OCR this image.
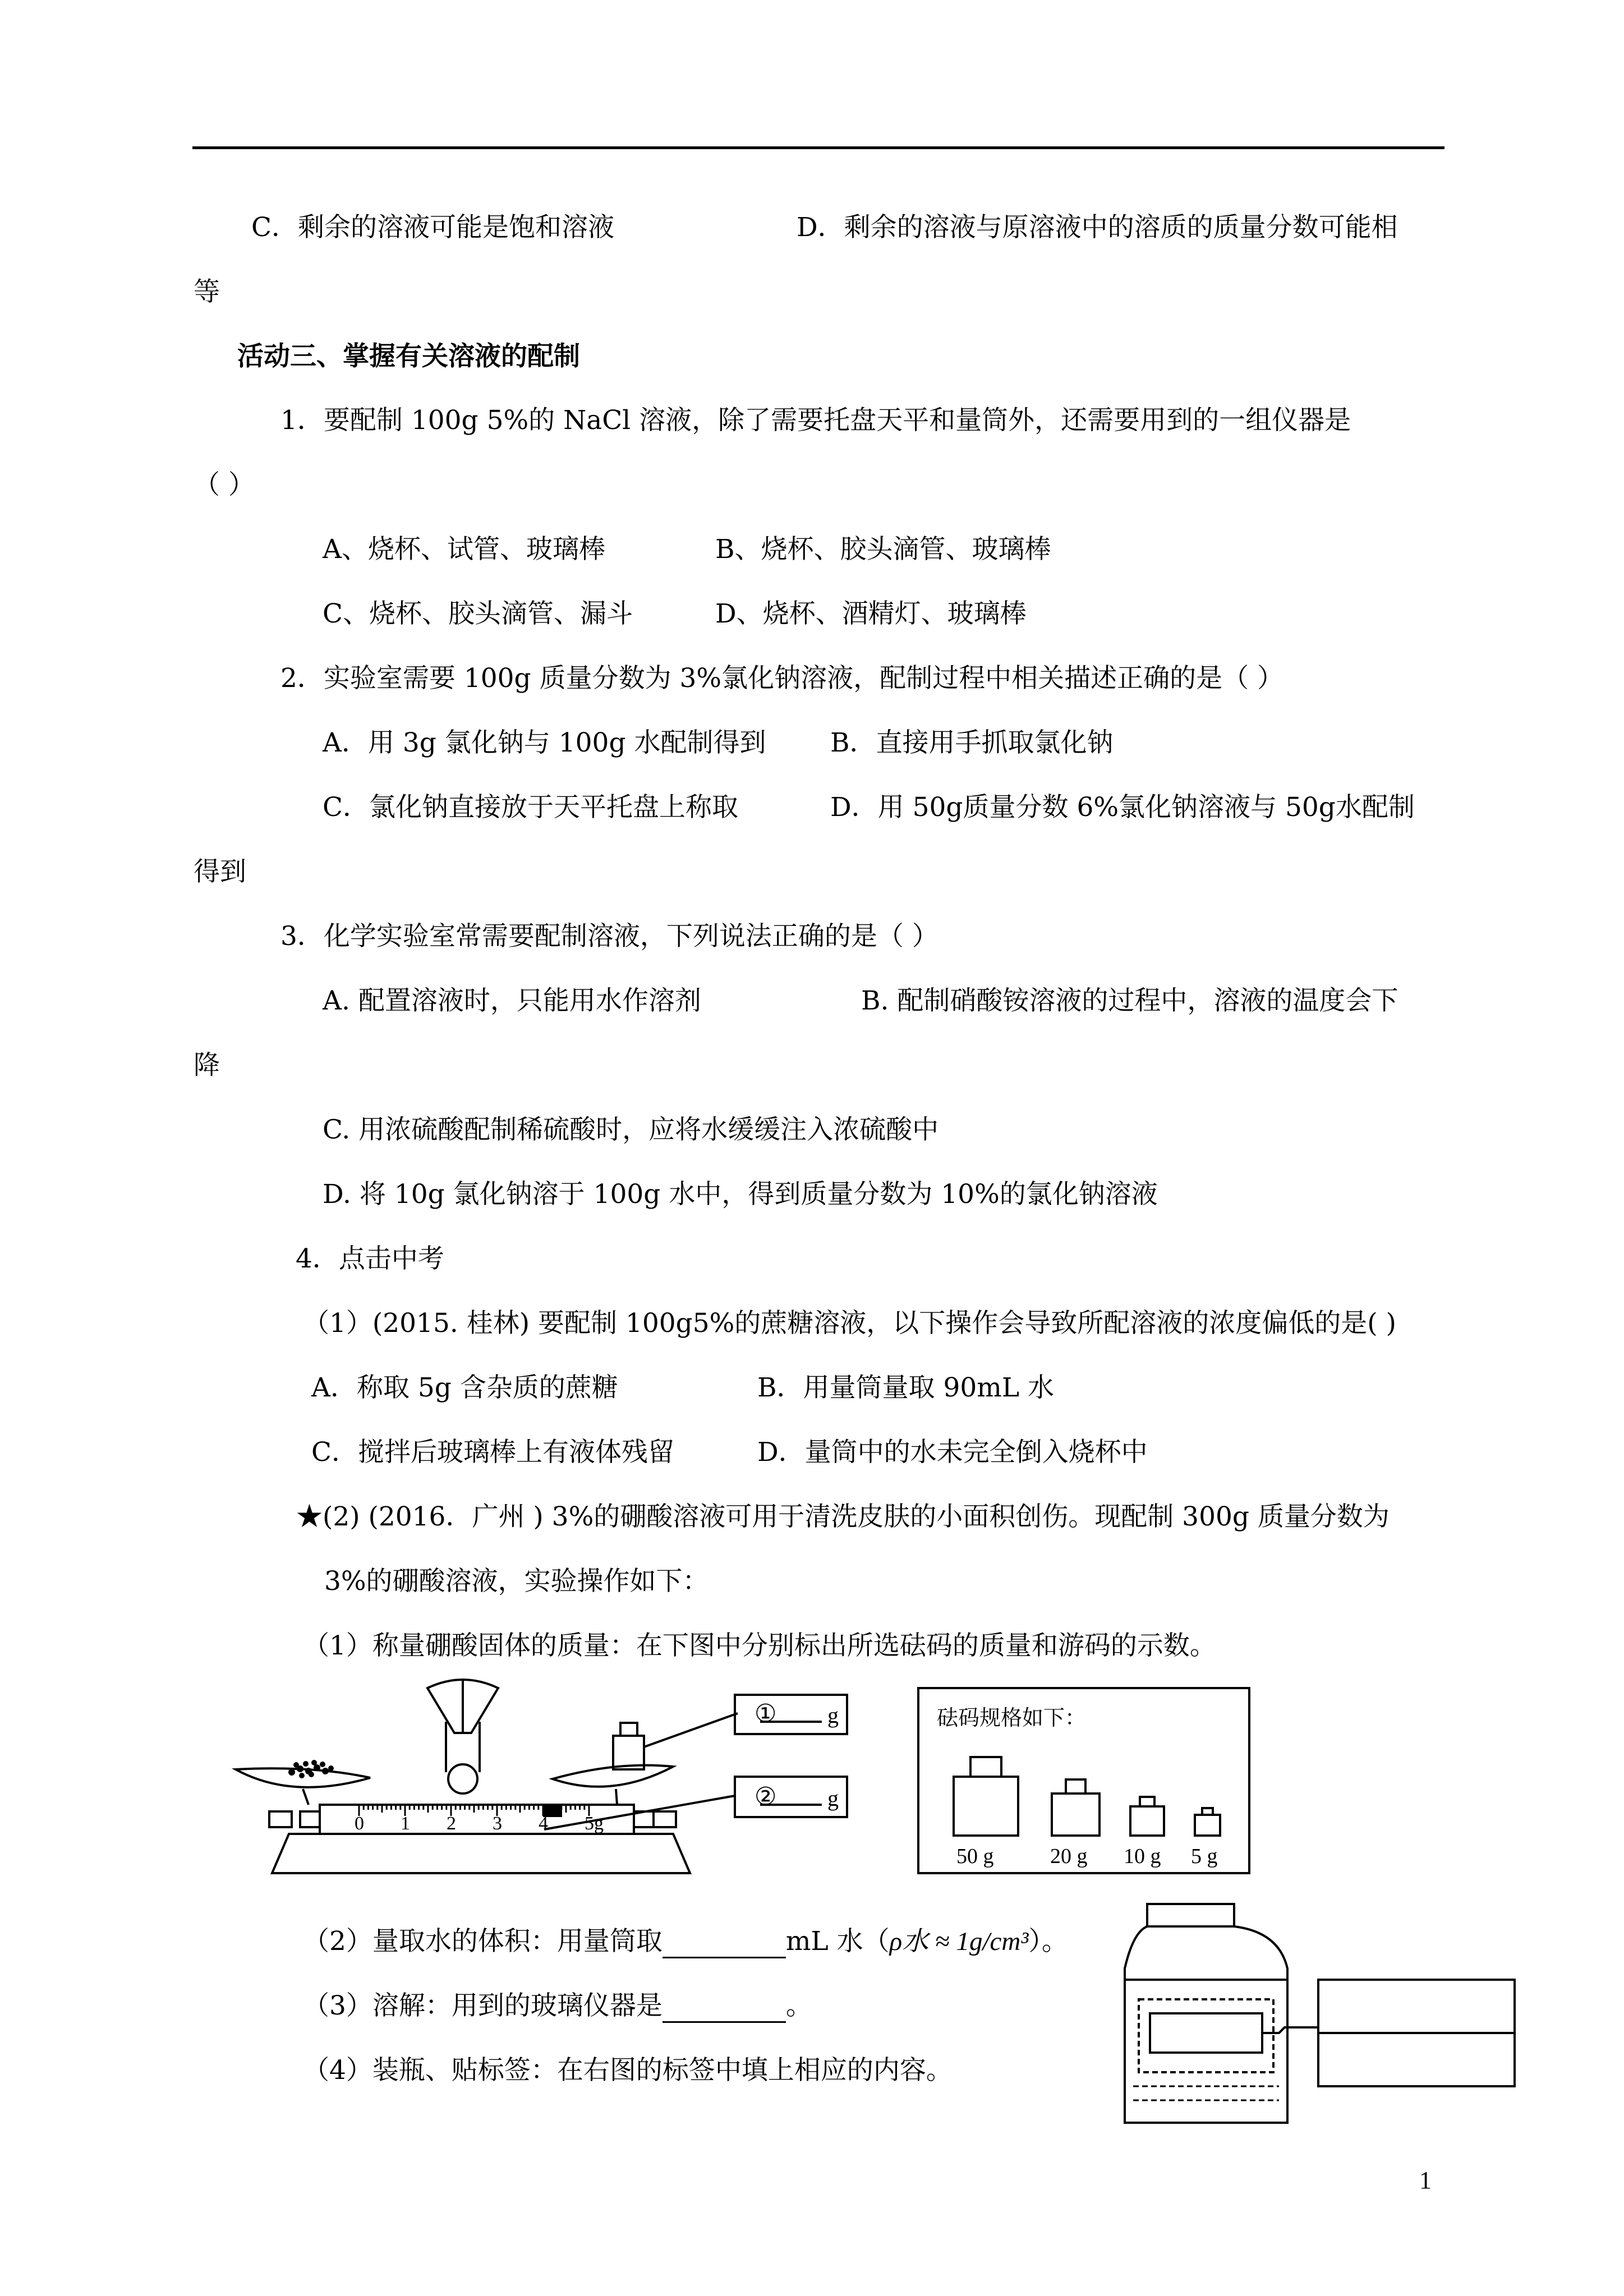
C．剩余的溶液可能是饱和溶液	D．剩余的溶液与原溶液中的溶质的质量分数可能相
等
活动三、掌握有关溶液的配制
1．要配制 100g 5%的 NaCl 溶液，除了需要托盘天平和量筒外，还需要用到的一组仪器是
（ ）
A、烧杯、试管、玻璃棒	B、烧杯、胶头滴管、玻璃棒
C、烧杯、胶头滴管、漏斗	D、烧杯、酒精灯、玻璃棒
2．实验室需要 100g 质量分数为 3%氯化钠溶液，配制过程中相关描述正确的是（ ）
A．用 3g 氯化钠与 100g 水配制得到 B．直接用手抓取氯化钠
C．氯化钠直接放于天平托盘上称取	D．用 50g质量分数 6%氯化钠溶液与 50g水配制
得到
3．化学实验室常需要配制溶液，下列说法正确的是（ ）
A. 配置溶液时，只能用水作溶剂	B. 配制硝酸铵溶液的过程中，溶液的温度会下
降
C. 用浓硫酸配制稀硫酸时，应将水缓缓注入浓硫酸中
D. 将 10g 氯化钠溶于 100g 水中，得到质量分数为 10%的氯化钠溶液
4．点击中考
（1）(2015. 桂林) 要配制 100g5%的蔗糖溶液，以下操作会导致所配溶液的浓度偏低的是( )
A．称取 5g 含杂质的蔗糖	B．用量筒量取 90mL 水
C．搅拌后玻璃棒上有液体残留	D．量筒中的水未完全倒入烧杯中
★(2) (2016．广州 ) 3%的硼酸溶液可用于清洗皮肤的小面积创伤。现配制 300g 质量分数为
3%的硼酸溶液，实验操作如下：
（1）称量硼酸固体的质量：在下图中分别标出所选砝码的质量和游码的示数。
0 1 2 3 4 5g
① g
② g
砝码规格如下：
50 g	20 g 10 g 5 g
（2）量取水的体积：用量筒取	mL 水（ρ水 ≈ 1g/cm³）。
（3）溶解：用到的玻璃仪器是	。
（4）装瓶、贴标签：在右图的标签中填上相应的内容。
1
